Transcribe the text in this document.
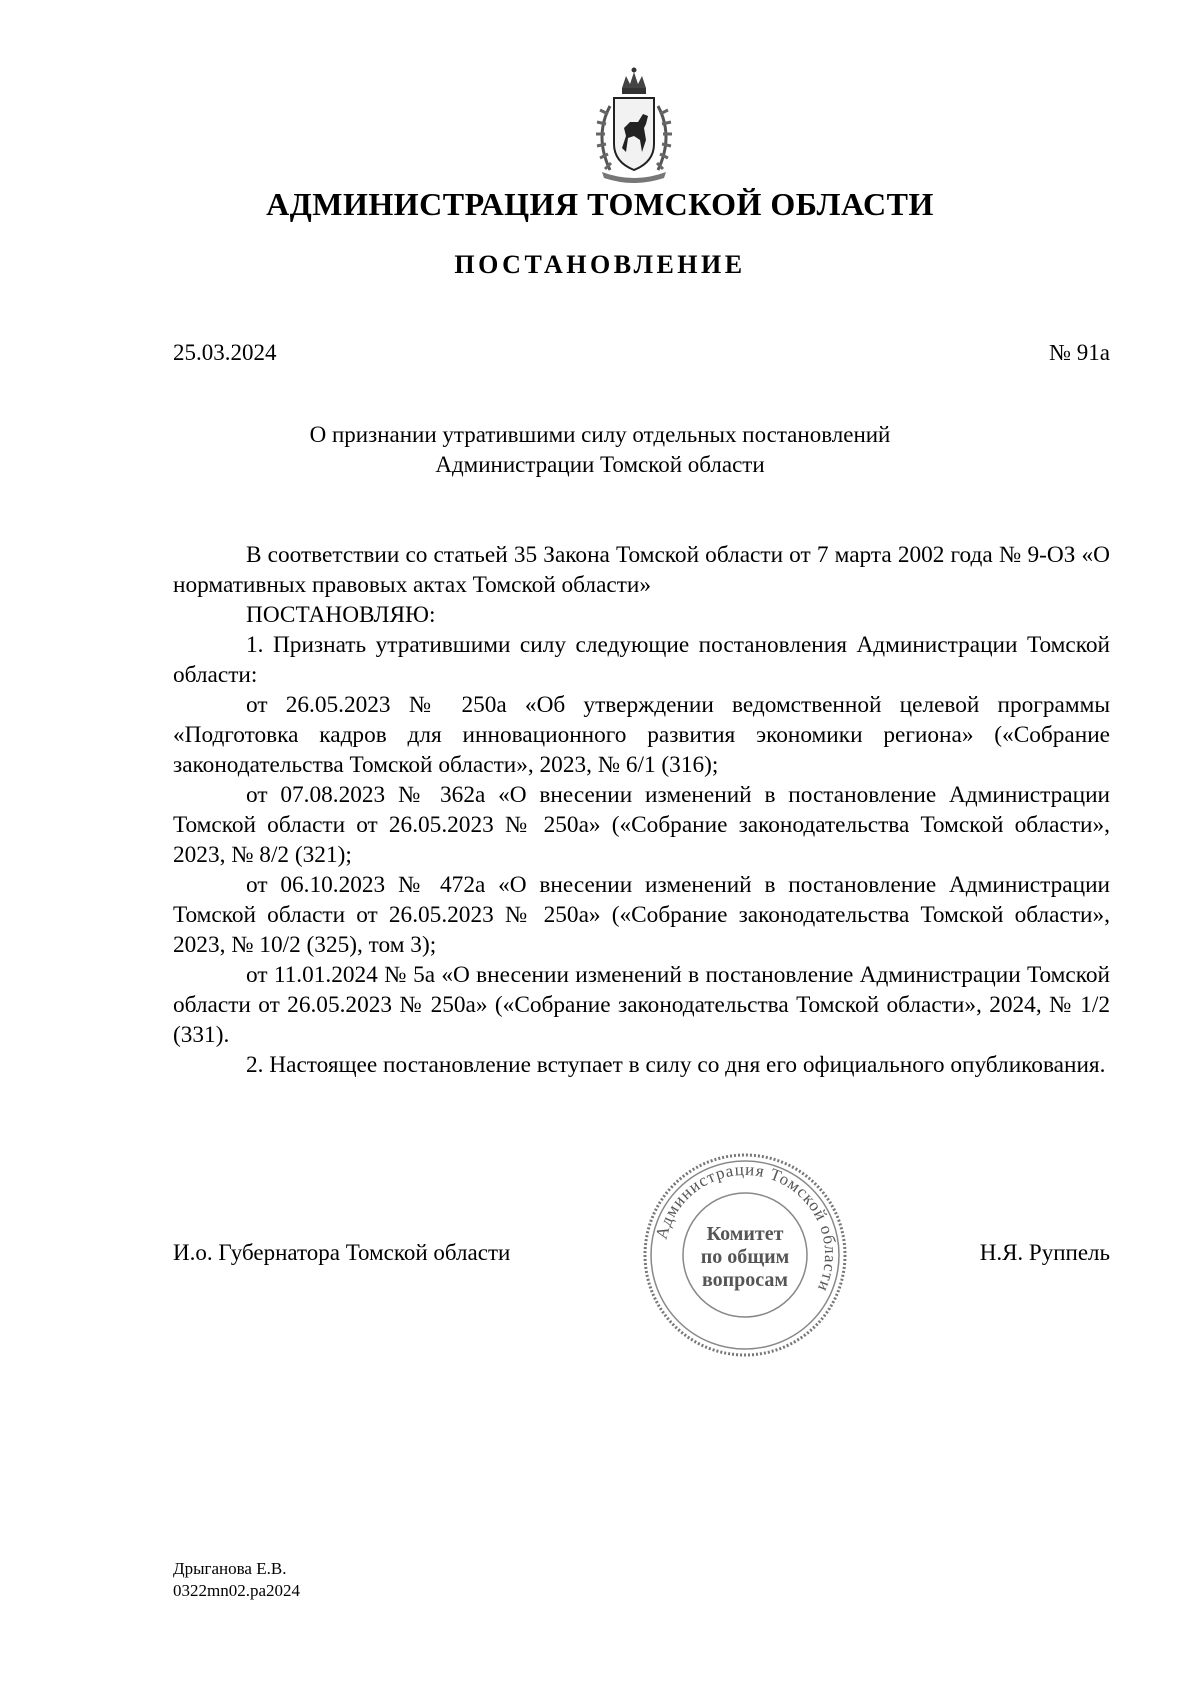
АДМИНИСТРАЦИЯ ТОМСКОЙ ОБЛАСТИ
ПОСТАНОВЛЕНИЕ
25.03.2024	№ 91а
О признании утратившими силу отдельных постановлений
Администрации Томской области

В соответствии со статьей 35 Закона Томской области от 7 марта 2002 года № 9-ОЗ «О нормативных правовых актах Томской области»

ПОСТАНОВЛЯЮ:

1. Признать утратившими силу следующие постановления Администрации Томской области:

от 26.05.2023 № 250а «Об утверждении ведомственной целевой программы «Подготовка кадров для инновационного развития экономики региона» («Собрание законодательства Томской области», 2023, № 6/1 (316);

от 07.08.2023 № 362а «О внесении изменений в постановление Администрации Томской области от 26.05.2023 № 250а» («Собрание законодательства Томской области», 2023, № 8/2 (321);

от 06.10.2023 № 472а «О внесении изменений в постановление Администрации Томской области от 26.05.2023 № 250а» («Собрание законодательства Томской области», 2023, № 10/2 (325), том 3);

от 11.01.2024 № 5а «О внесении изменений в постановление Администрации Томской области от 26.05.2023 № 250а» («Собрание законодательства Томской области», 2024, № 1/2 (331).

2. Настоящее постановление вступает в силу со дня его официального опубликования.

И.о. Губернатора Томской области
Администрация Томской области
Комитет
по общим
вопросам
Н.Я. Руппель
Дрыганова Е.В.
0322mn02.pa2024
